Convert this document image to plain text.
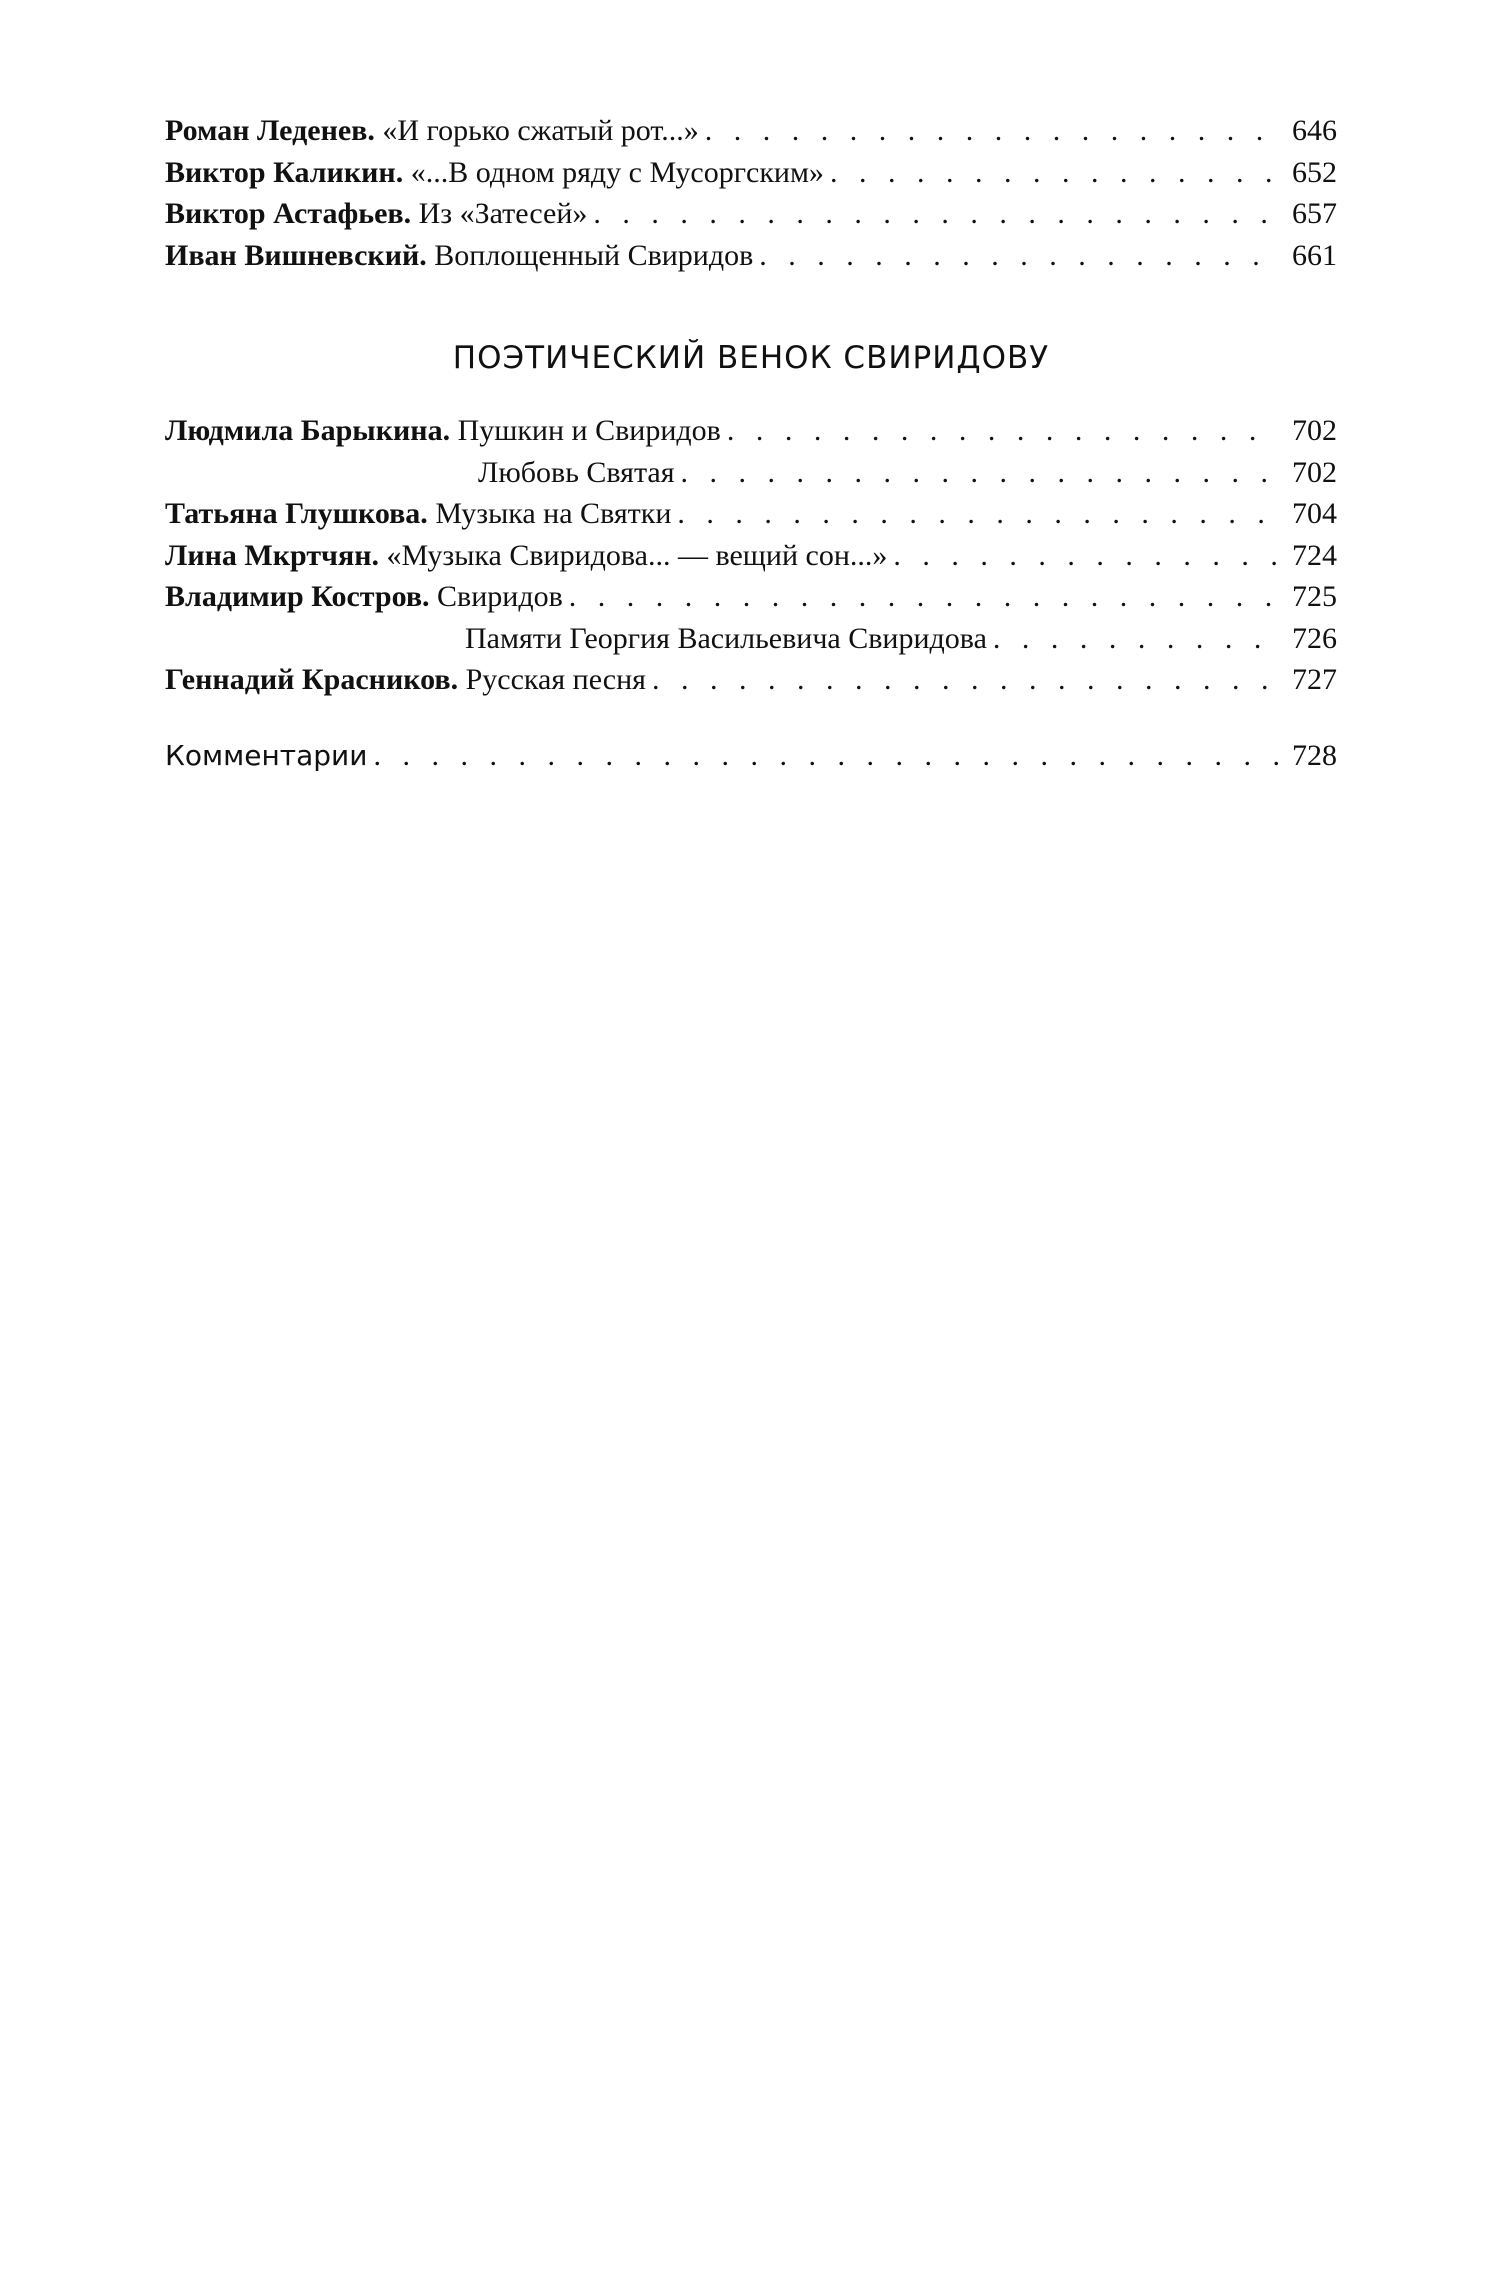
Роман Леденев. «И горько сжатый рот...» . . .	646
Виктор Каликин. «...В одном ряду с Мусоргским» . . .	652
Виктор Астафьев. Из «Затесей» . . .	657
Иван Вишневский. Воплощенный Свиридов . . .	661
ПОЭТИЧЕСКИЙ ВЕНОК СВИРИДОВУ
Людмила Барыкина. Пушкин и Свиридов . . .	702
Любовь Святая . . .	702
Татьяна Глушкова. Музыка на Святки . . .	704
Лина Мкртчян. «Музыка Свиридова... — вещий сон...» . . .	724
Владимир Костров. Свиридов . . .	725
Памяти Георгия Васильевича Свиридова . . .	726
Геннадий Красников. Русская песня . . .	727
Комментарии . . .	728
